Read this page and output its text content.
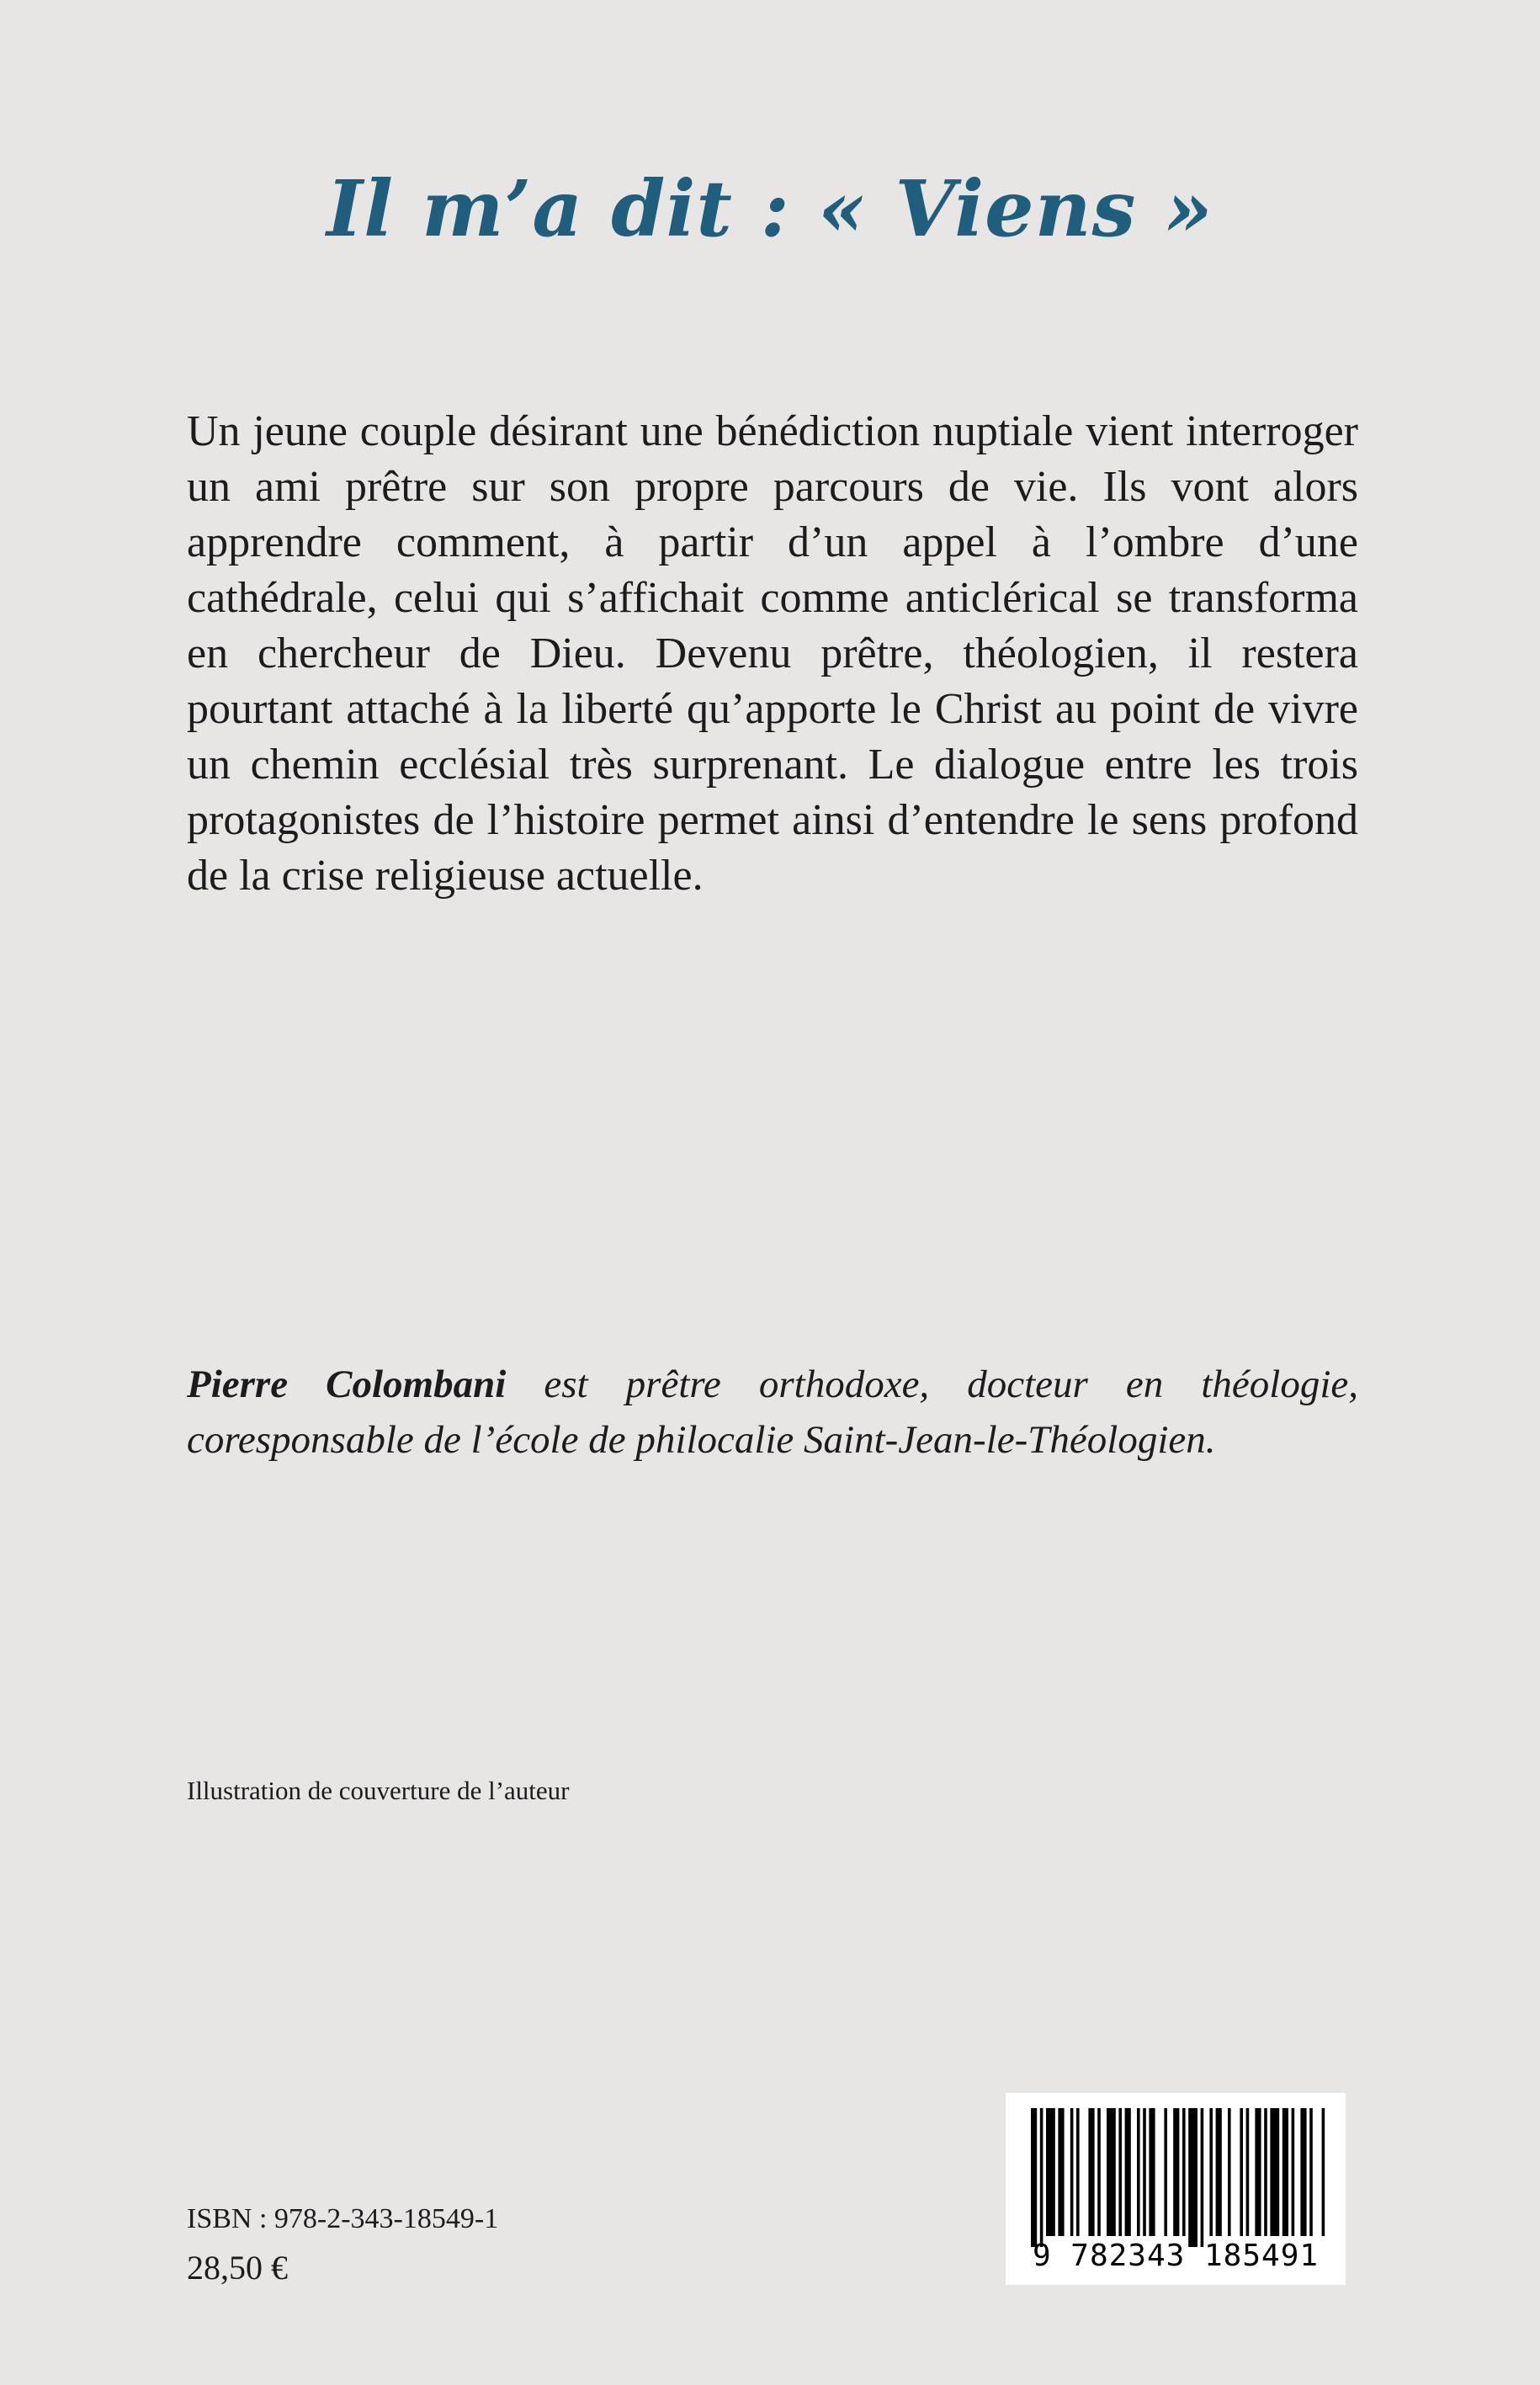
Il m’a dit : « Viens »

Un jeune couple désirant une bénédiction nuptiale vient interroger un ami prêtre sur son propre parcours de vie. Ils vont alors apprendre comment, à partir d’un appel à l’ombre d’une cathédrale, celui qui s’affichait comme anticlérical se transforma en chercheur de Dieu. Devenu prêtre, théologien, il restera pourtant attaché à la liberté qu’apporte le Christ au point de vivre un chemin ecclésial très surprenant. Le dialogue entre les trois protagonistes de l’histoire permet ainsi d’entendre le sens profond de la crise religieuse actuelle.

Pierre Colombani est prêtre orthodoxe, docteur en théologie, coresponsable de l’école de philocalie Saint-Jean-le-Théologien.
Illustration de couverture de l’auteur
ISBN : 978-2-343-18549-1
28,50 €	9 782343 185491
